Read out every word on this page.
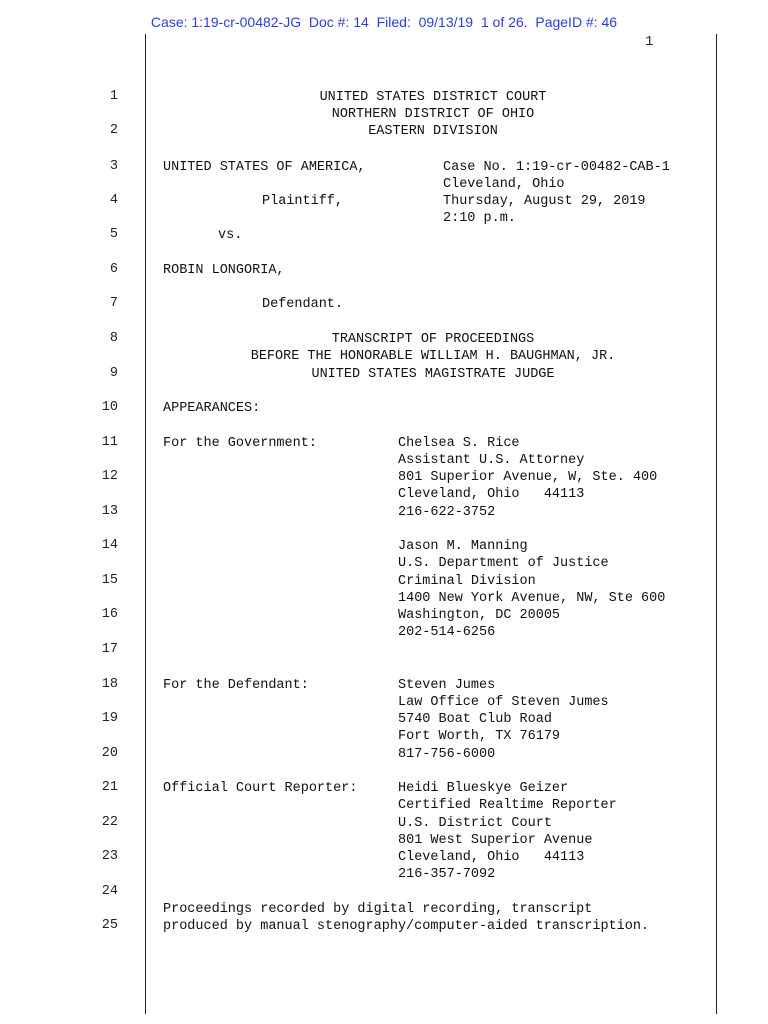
Case: 1:19-cr-00482-JG  Doc #: 14  Filed:  09/13/19  1 of 26.  PageID #: 46
1
1
2
3
4
5
6
7
8
9
10
11
12
13
14
15
16
17
18
19
20
21
22
23
24
25
UNITED STATES DISTRICT COURT
NORTHERN DISTRICT OF OHIO
EASTERN DIVISION
UNITED STATES OF AMERICA,
Plaintiff,
vs.
ROBIN LONGORIA,
Defendant.
Case No. 1:19-cr-00482-CAB-1
Cleveland, Ohio
Thursday, August 29, 2019
2:10 p.m.
TRANSCRIPT OF PROCEEDINGS
BEFORE THE HONORABLE WILLIAM H. BAUGHMAN, JR.
UNITED STATES MAGISTRATE JUDGE
APPEARANCES:
For the Government:	Chelsea S. Rice
Assistant U.S. Attorney
801 Superior Avenue, W, Ste. 400
Cleveland, Ohio   44113
216-622-3752
Jason M. Manning
U.S. Department of Justice
Criminal Division
1400 New York Avenue, NW, Ste 600
Washington, DC 20005
202-514-6256
For the Defendant:	Steven Jumes
Law Office of Steven Jumes
5740 Boat Club Road
Fort Worth, TX 76179
817-756-6000
Official Court Reporter:	Heidi Blueskye Geizer
Certified Realtime Reporter
U.S. District Court
801 West Superior Avenue
Cleveland, Ohio   44113
216-357-7092
Proceedings recorded by digital recording, transcript
produced by manual stenography/computer-aided transcription.
